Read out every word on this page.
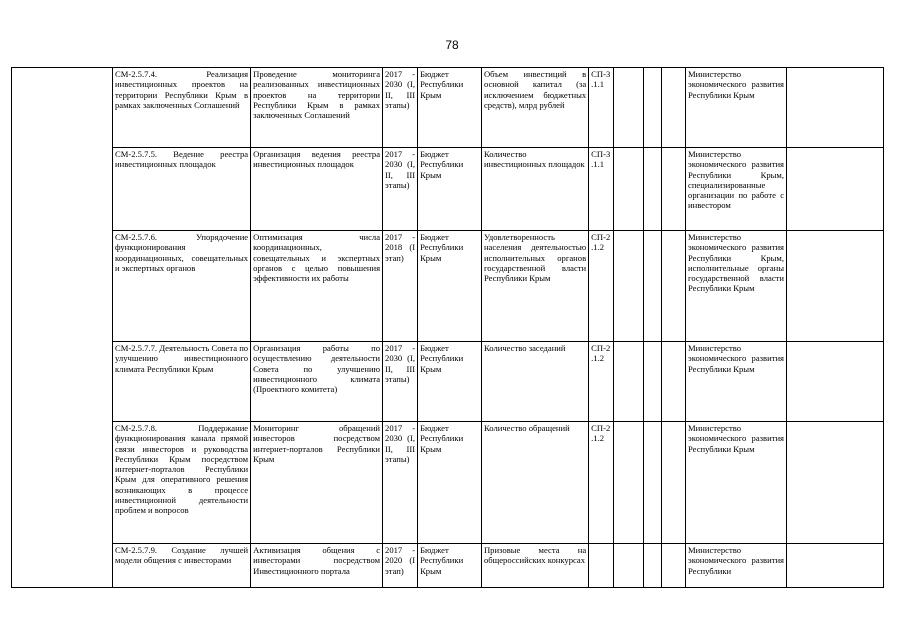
78
	СМ-2.5.7.4. Реализация инвестиционных проектов на территории Республики Крым в рамках заключенных Соглашений	Проведение мониторинга реализованных инвестиционных проектов на территории Республики Крым в рамках заключенных Соглашений	2017 - 2030 (I, II, III этапы)	Бюджет Республики Крым	Объем инвестиций в основной капитал (за исключением бюджетных средств), млрд рублей	СП-3.1.1				Министерство экономического развития Республики Крым	
	СМ-2.5.7.5. Ведение реестра инвестиционных площадок	Организация ведения реестра инвестиционных площадок	2017 - 2030 (I, II, III этапы)	Бюджет Республики Крым	Количество инвестиционных площадок	СП-3.1.1				Министерство экономического развития Республики Крым, специализированные организации по работе с инвестором	
	СМ-2.5.7.6. Упорядочение функционирования координационных, совещательных и экспертных органов	Оптимизация числа координационных, совещательных и экспертных органов с целью повышения эффективности их работы	2017 - 2018 (I этап)	Бюджет Республики Крым	Удовлетворенность населения деятельностью исполнительных органов государственной власти Республики Крым	СП-2.1.2				Министерство экономического развития Республики Крым, исполнительные органы государственной власти Республики Крым	
	СМ-2.5.7.7. Деятельность Совета по улучшению инвестиционного климата Республики Крым	Организация работы по осуществлению деятельности Совета по улучшению инвестиционного климата (Проектного комитета)	2017 - 2030 (I, II, III этапы)	Бюджет Республики Крым	Количество заседаний	СП-2.1.2				Министерство экономического развития Республики Крым	
	СМ-2.5.7.8. Поддержание функционирования канала прямой связи инвесторов и руководства Республики Крым посредством интернет-порталов Республики Крым для оперативного решения возникающих в процессе инвестиционной деятельности проблем и вопросов	Мониторинг обращений инвесторов посредством интернет-порталов Республики Крым	2017 - 2030 (I, II, III этапы)	Бюджет Республики Крым	Количество обращений	СП-2.1.2				Министерство экономического развития Республики Крым	
	СМ-2.5.7.9. Создание лучшей модели общения с инвесторами	Активизация общения с инвесторами посредством Инвестиционного портала	2017 - 2020 (I этап)	Бюджет Республики Крым	Призовые места на общероссийских конкурсах					Министерство экономического развития Республики	
